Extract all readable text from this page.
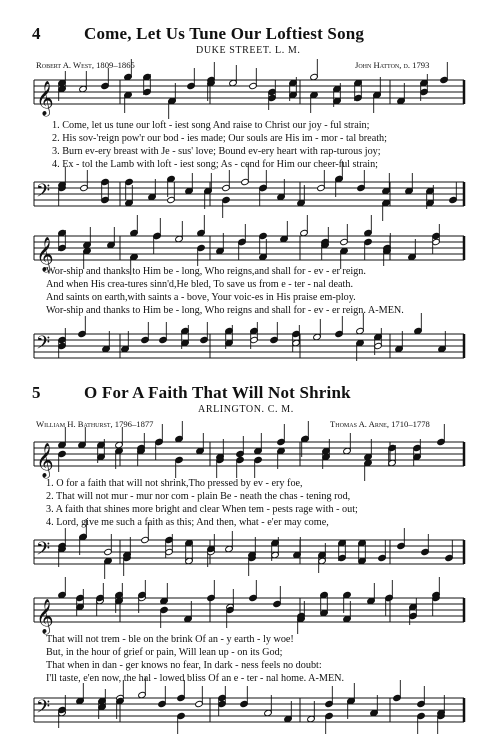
4	Come, Let Us Tune Our Loftiest Song
DUKE STREET. L. M.
Robert A. West, 1809–1865	John Hatton, d. 1793
𝄞
1. Come, let us tune our loft - iest song And raise to Christ our joy - ful strain;
2. His sov-'reign pow'r our bod - ies made; Our souls are His im - mor - tal breath;
3. Burn ev-ery breast with Je - sus' love; Bound ev-ery heart with rap-turous joy;
4. Ex - tol the Lamb with loft - iest song; As - cend for Him our cheer-ful strain;
𝄢
𝄞
Wor-ship and thanks to Him be - long, Who reigns,and shall for - ev - er reign.
And when His crea-tures sinn'd,He bled, To save us from e - ter - nal death.
And saints on earth,with saints a - bove, Your voic-es in His praise em-ploy.
Wor-ship and thanks to Him be - long, Who reigns and shall for - ev - er reign. A-MEN.
𝄢
5	O For A Faith That Will Not Shrink
ARLINGTON. C. M.
William H. Bathurst, 1796–1877	Thomas A. Arne, 1710–1778
𝄞
1. O for a faith that will not shrink,Tho pressed by ev - ery foe,
2. That will not mur - mur nor com - plain Be - neath the chas - tening rod,
3. A faith that shines more bright and clear When tem - pests rage with - out;
4. Lord, give me such a faith as this; And then, what - e'er may come,
𝄢
𝄞
That will not trem - ble on the brink Of an - y earth - ly woe!
But, in the hour of grief or pain, Will lean up - on its God;
That when in dan - ger knows no fear, In dark - ness feels no doubt:
I'll taste, e'en now, the hal - lowed bliss Of an e - ter - nal home. A-MEN.
𝄢
